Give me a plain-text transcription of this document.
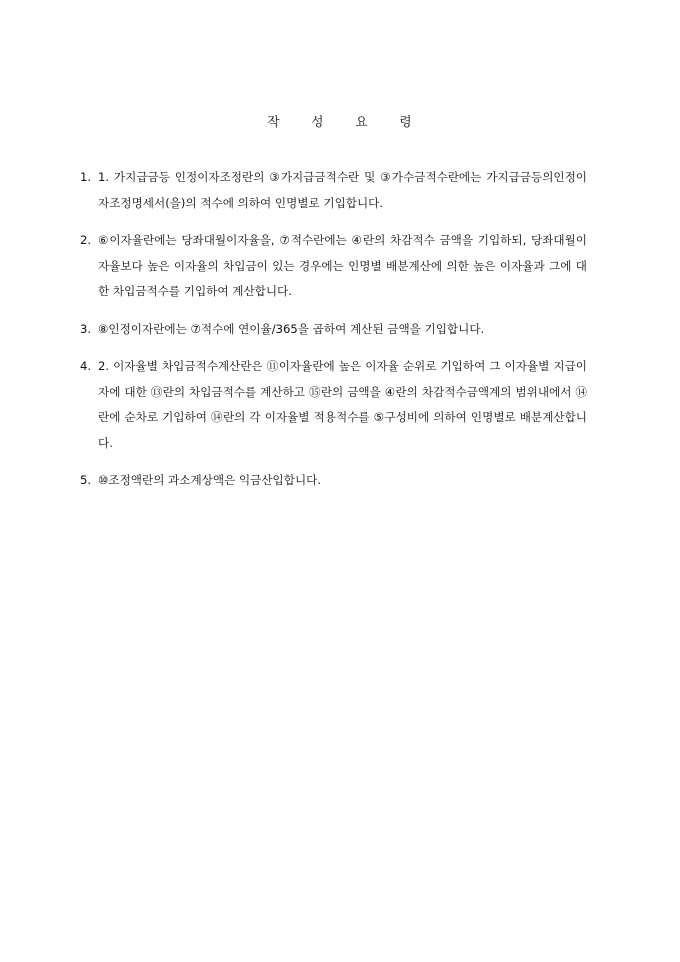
작 성 요 령
1. 1. 가지급금등 인정이자조정란의 ③가지급금적수란 및 ③가수금적수란에는 가지급금등의인정이자조정명세서(을)의 적수에 의하여 인명별로 기입합니다.
2. ⑥이자율란에는 당좌대월이자율을, ⑦적수란에는 ④란의 차감적수 금액을 기입하되, 당좌대월이자율보다 높은 이자율의 차입금이 있는 경우에는 인명별 배분계산에 의한 높은 이자율과 그에 대한 차입금적수를 기입하여 계산합니다.
3. ⑧인정이자란에는 ⑦적수에 연이율/365을 곱하여 계산된 금액을 기입합니다.
4. 2. 이자율별 차입금적수계산란은 ⑪이자율란에 높은 이자율 순위로 기입하여 그 이자율별 지급이자에 대한 ⑬란의 차입금적수를 계산하고 ⑮란의 금액을 ④란의 차감적수금액계의 범위내에서 ⑭란에 순차로 기입하여 ⑭란의 각 이자율별 적용적수를 ⑤구성비에 의하여 인명별로 배분계산합니다.
5. ⑩조정액란의 과소계상액은 익금산입합니다.
